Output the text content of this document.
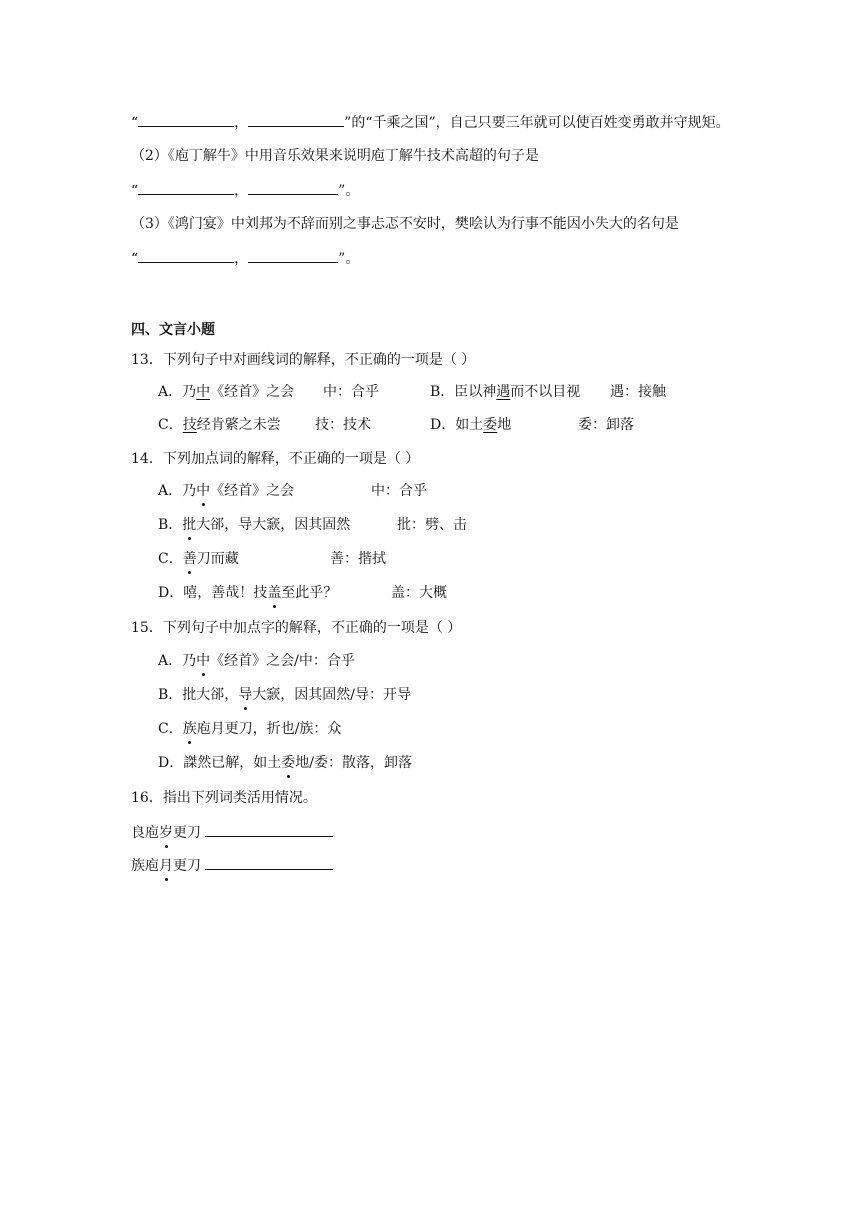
“	，	”的“千乘之国”，自己只要三年就可以使百姓变勇敢并守规矩。
（2）《庖丁解牛》中用音乐效果来说明庖丁解牛技术高超的句子是
“	，	”。
（3）《鸿门宴》中刘邦为不辞而别之事忐忑不安时，樊哙认为行事不能因小失大的名句是
“	，	”。
四、文言小题
13．下列句子中对画线词的解释，不正确的一项是（ ）
A．乃中《经首》之会 中：合乎	B．臣以神遇而不以目视 遇：接触
C．技经肯綮之未尝 技：技术	D．如土委地	委：卸落
14．下列加点词的解释，不正确的一项是（ ）
A．乃中《经首》之会	中：合乎
B．批大郤，导大窾，因其固然	批：劈、击
C．善刀而藏	善：揩拭
D．嘻，善哉！技盖至此乎？	盖：大概
15．下列句子中加点字的解释，不正确的一项是（ ）
A．乃中《经首》之会/中：合乎
B．批大郤，导大窾，因其固然/导：开导
C．族庖月更刀，折也/族：众
D．謋然已解，如土委地/委：散落，卸落
16．指出下列词类活用情况。
良庖岁更刀
族庖月更刀
